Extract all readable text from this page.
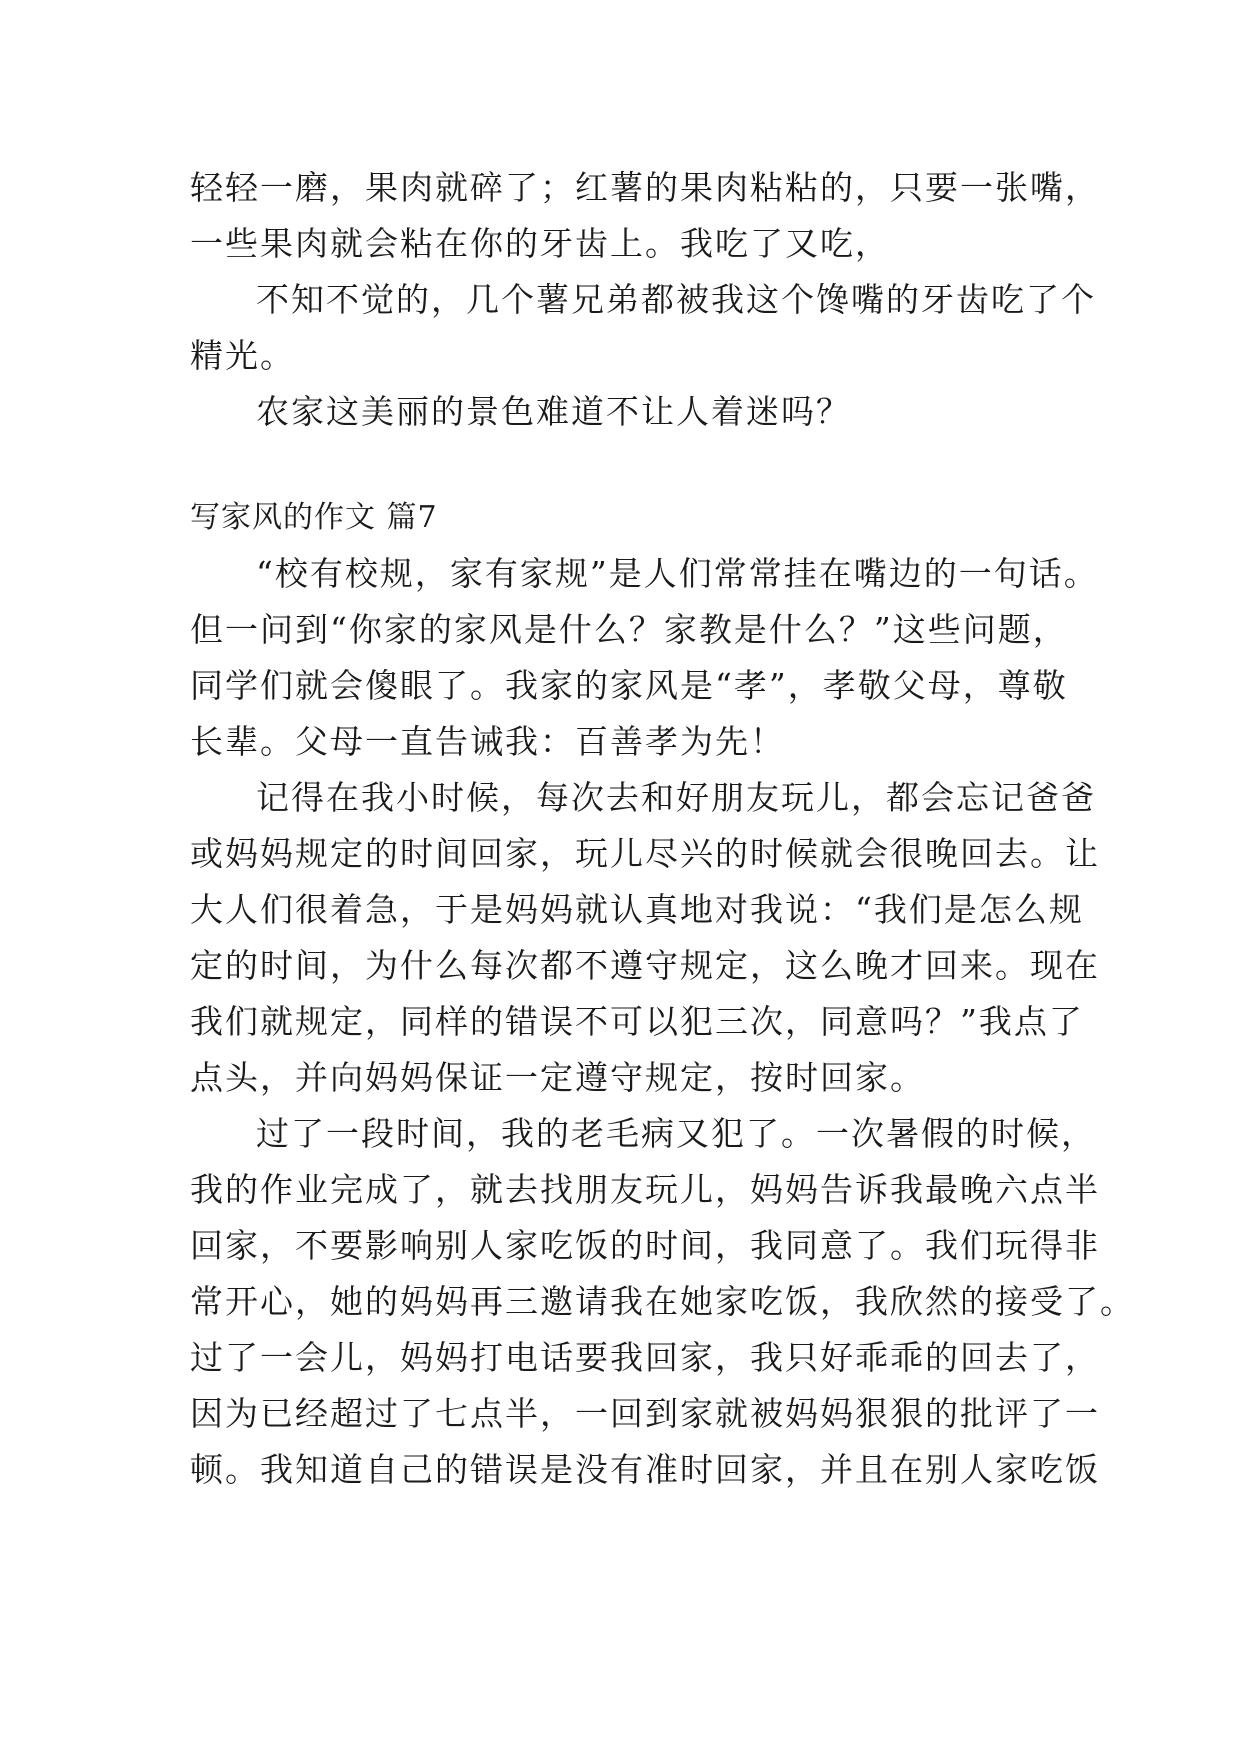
轻轻一磨，果肉就碎了；红薯的果肉粘粘的，只要一张嘴，
一些果肉就会粘在你的牙齿上。我吃了又吃，
不知不觉的，几个薯兄弟都被我这个馋嘴的牙齿吃了个
精光。
农家这美丽的景色难道不让人着迷吗？
写家风的作文 篇7
“校有校规，家有家规”是人们常常挂在嘴边的一句话。
但一问到“你家的家风是什么？家教是什么？”这些问题，
同学们就会傻眼了。我家的家风是“孝”，孝敬父母，尊敬
长辈。父母一直告诫我：百善孝为先！
记得在我小时候，每次去和好朋友玩儿，都会忘记爸爸
或妈妈规定的时间回家，玩儿尽兴的时候就会很晚回去。让
大人们很着急，于是妈妈就认真地对我说：“我们是怎么规
定的时间，为什么每次都不遵守规定，这么晚才回来。现在
我们就规定，同样的错误不可以犯三次，同意吗？”我点了
点头，并向妈妈保证一定遵守规定，按时回家。
过了一段时间，我的老毛病又犯了。一次暑假的时候，
我的作业完成了，就去找朋友玩儿，妈妈告诉我最晚六点半
回家，不要影响别人家吃饭的时间，我同意了。我们玩得非
常开心，她的妈妈再三邀请我在她家吃饭，我欣然的接受了。
过了一会儿，妈妈打电话要我回家，我只好乖乖的回去了，
因为已经超过了七点半，一回到家就被妈妈狠狠的批评了一
顿。我知道自己的错误是没有准时回家，并且在别人家吃饭
